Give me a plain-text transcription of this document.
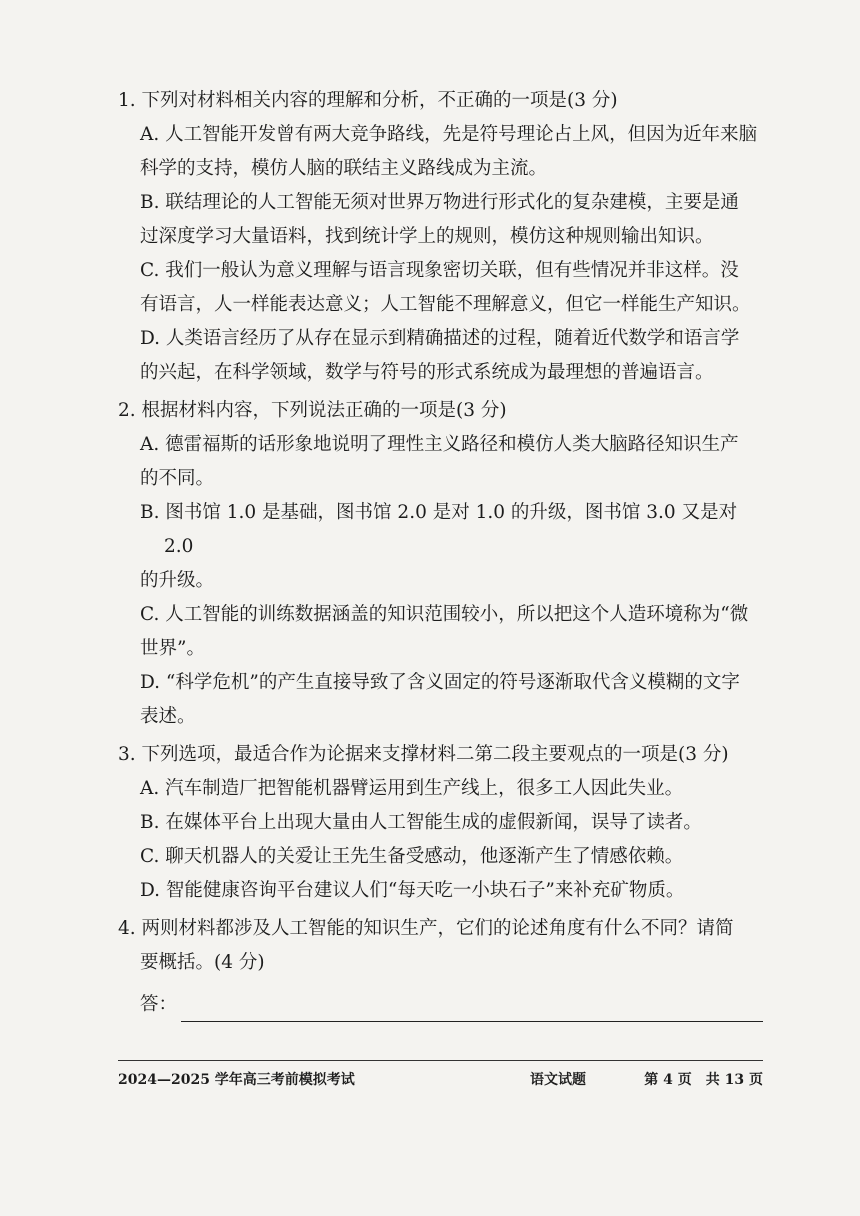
1. 下列对材料相关内容的理解和分析，不正确的一项是(3 分)
A. 人工智能开发曾有两大竞争路线，先是符号理论占上风，但因为近年来脑
科学的支持，模仿人脑的联结主义路线成为主流。
B. 联结理论的人工智能无须对世界万物进行形式化的复杂建模，主要是通
过深度学习大量语料，找到统计学上的规则，模仿这种规则输出知识。
C. 我们一般认为意义理解与语言现象密切关联，但有些情况并非这样。没
有语言，人一样能表达意义；人工智能不理解意义，但它一样能生产知识。
D. 人类语言经历了从存在显示到精确描述的过程，随着近代数学和语言学
的兴起，在科学领域，数学与符号的形式系统成为最理想的普遍语言。
2. 根据材料内容，下列说法正确的一项是(3 分)
A. 德雷福斯的话形象地说明了理性主义路径和模仿人类大脑路径知识生产
的不同。
B. 图书馆 1.0 是基础，图书馆 2.0 是对 1.0 的升级，图书馆 3.0 又是对 2.0
的升级。
C. 人工智能的训练数据涵盖的知识范围较小，所以把这个人造环境称为“微
世界”。
D. “科学危机”的产生直接导致了含义固定的符号逐渐取代含义模糊的文字
表述。
3. 下列选项，最适合作为论据来支撑材料二第二段主要观点的一项是(3 分)
A. 汽车制造厂把智能机器臂运用到生产线上，很多工人因此失业。
B. 在媒体平台上出现大量由人工智能生成的虚假新闻，误导了读者。
C. 聊天机器人的关爱让王先生备受感动，他逐渐产生了情感依赖。
D. 智能健康咨询平台建议人们“每天吃一小块石子”来补充矿物质。
4. 两则材料都涉及人工智能的知识生产，它们的论述角度有什么不同？请简
要概括。(4 分)
答：
2024—2025 学年高三考前模拟考试	语文试题	第 4 页　共 13 页
